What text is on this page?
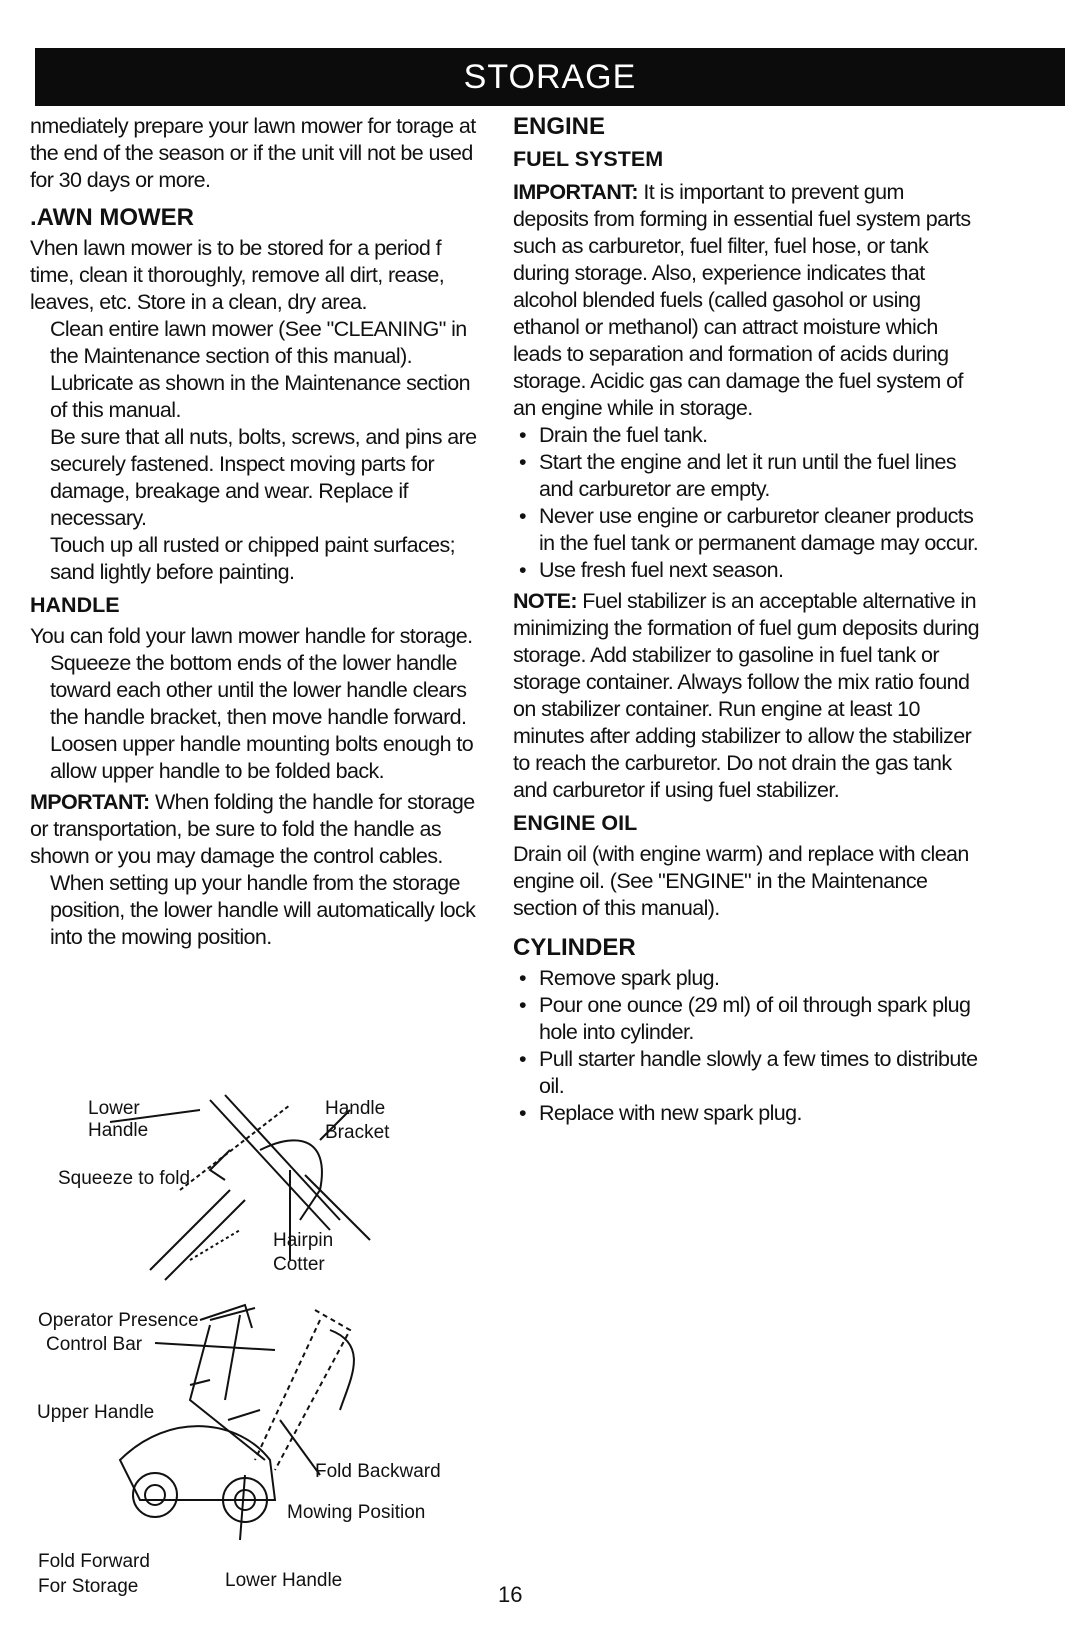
STORAGE

nmediately prepare your lawn mower for torage at the end of the season or if the unit vill not be used for 30 days or more.

.AWN MOWER

Vhen lawn mower is to be stored for a period f time, clean it thoroughly, remove all dirt, rease, leaves, etc. Store in a clean, dry area.

Clean entire lawn mower (See "CLEANING" in the Maintenance section of this manual).

Lubricate as shown in the Maintenance section of this manual.

Be sure that all nuts, bolts, screws, and pins are securely fastened. Inspect moving parts for damage, breakage and wear. Replace if necessary.

Touch up all rusted or chipped paint surfaces; sand lightly before painting.

HANDLE

You can fold your lawn mower handle for storage.

Squeeze the bottom ends of the lower handle toward each other until the lower handle clears the handle bracket, then move handle forward.

Loosen upper handle mounting bolts enough to allow upper handle to be folded back.

MPORTANT: When folding the handle for storage or transportation, be sure to fold the handle as shown or you may damage the control cables.

When setting up your handle from the storage position, the lower handle will automatically lock into the mowing position.

ENGINE
FUEL SYSTEM

IMPORTANT: It is important to prevent gum deposits from forming in essential fuel system parts such as carburetor, fuel filter, fuel hose, or tank during storage. Also, experience indicates that alcohol blended fuels (called gasohol or using ethanol or methanol) can attract moisture which leads to separation and formation of acids during storage. Acidic gas can damage the fuel system of an engine while in storage.

• Drain the fuel tank.

• Start the engine and let it run until the fuel lines and carburetor are empty.

• Never use engine or carburetor cleaner products in the fuel tank or permanent damage may occur.

• Use fresh fuel next season.

NOTE: Fuel stabilizer is an acceptable alternative in minimizing the formation of fuel gum deposits during storage. Add stabilizer to gasoline in fuel tank or storage container. Always follow the mix ratio found on stabilizer container. Run engine at least 10 minutes after adding stabilizer to allow the stabilizer to reach the carburetor. Do not drain the gas tank and carburetor if using fuel stabilizer.

ENGINE OIL

Drain oil (with engine warm) and replace with clean engine oil. (See "ENGINE" in the Maintenance section of this manual).

CYLINDER

• Remove spark plug.

• Pour one ounce (29 ml) of oil through spark plug hole into cylinder.

• Pull starter handle slowly a few times to distribute oil.

• Replace with new spark plug.

Lower
Handle
Handle
Bracket
Squeeze to fold
Hairpin
Cotter
Operator Presence
Control Bar
Upper Handle
Fold Backward
Mowing Position
Fold Forward
For Storage	Lower Handle
16
